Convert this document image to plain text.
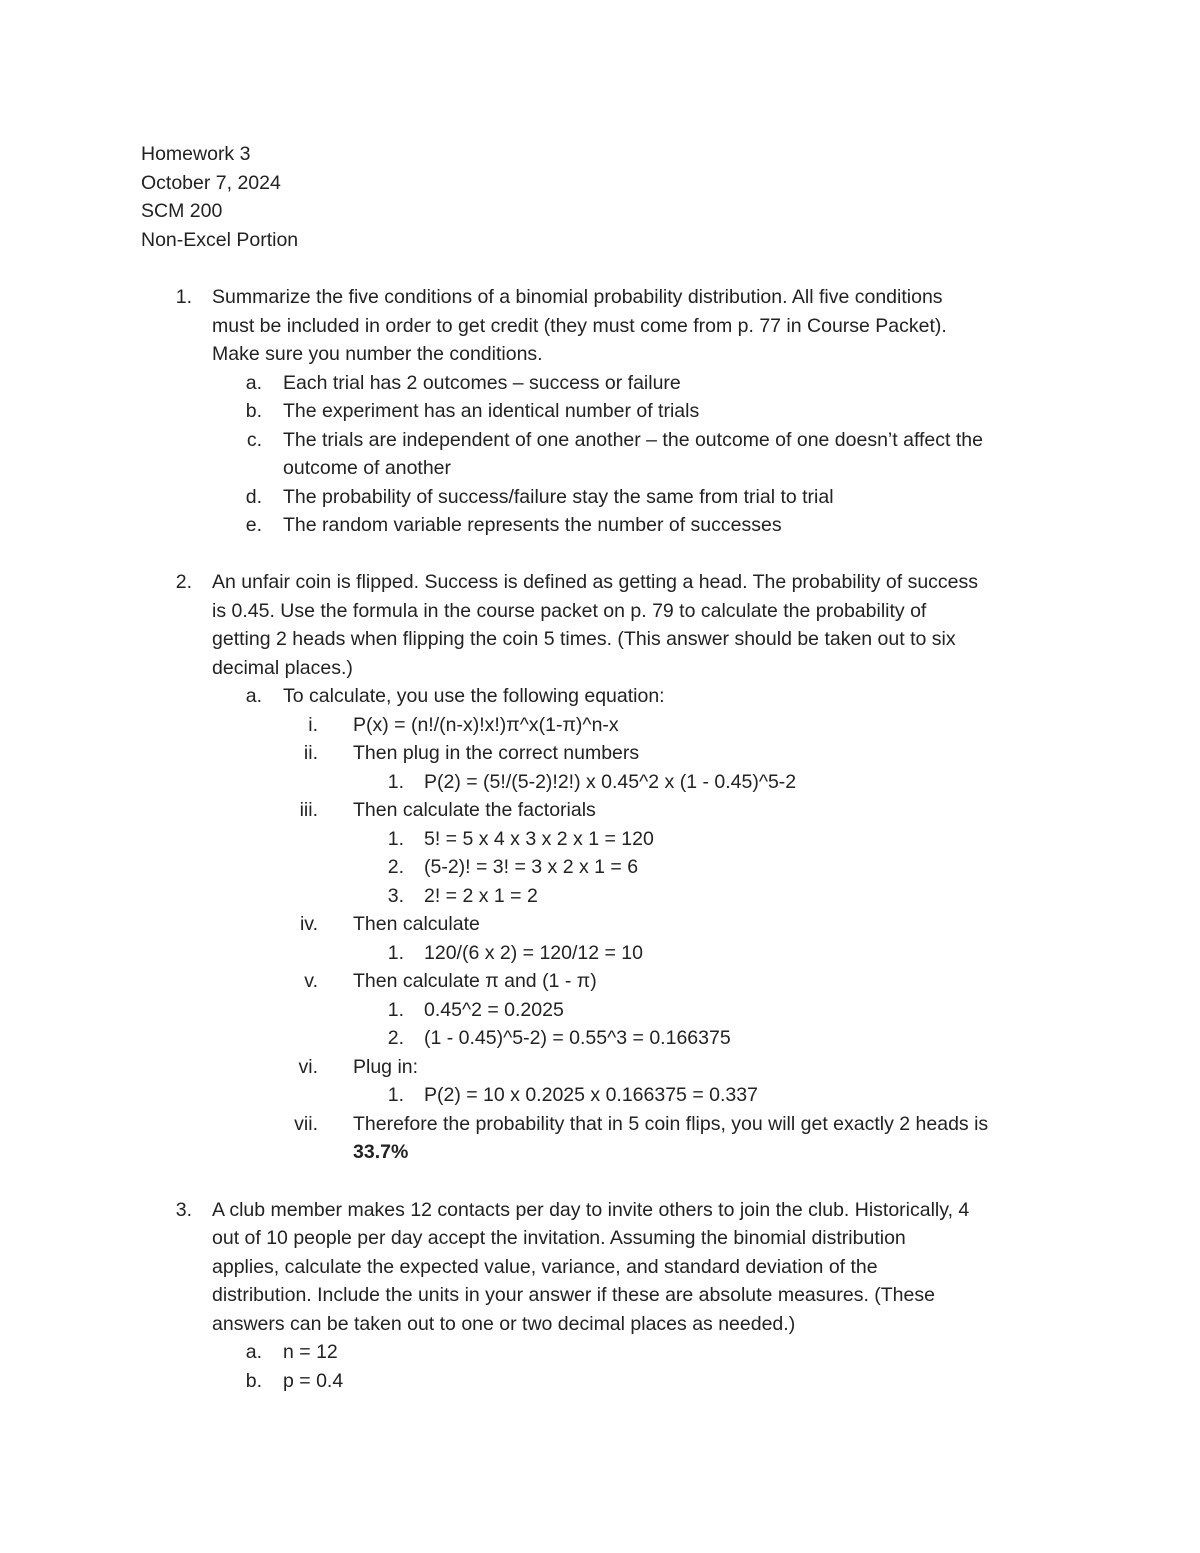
Homework 3
October 7, 2024
SCM 200
Non-Excel Portion
1. Summarize the five conditions of a binomial probability distribution. All five conditions
must be included in order to get credit (they must come from p. 77 in Course Packet).
Make sure you number the conditions.
a. Each trial has 2 outcomes – success or failure
b. The experiment has an identical number of trials
c. The trials are independent of one another – the outcome of one doesn’t affect the
outcome of another
d. The probability of success/failure stay the same from trial to trial
e. The random variable represents the number of successes
2. An unfair coin is flipped. Success is defined as getting a head. The probability of success
is 0.45. Use the formula in the course packet on p. 79 to calculate the probability of
getting 2 heads when flipping the coin 5 times. (This answer should be taken out to six
decimal places.)
a. To calculate, you use the following equation:
i. P(x) = (n!/(n-x)!x!)π^x(1-π)^n-x
ii. Then plug in the correct numbers
1. P(2) = (5!/(5-2)!2!) x 0.45^2 x (1 - 0.45)^5-2
iii. Then calculate the factorials
1. 5! = 5 x 4 x 3 x 2 x 1 = 120
2. (5-2)! = 3! = 3 x 2 x 1 = 6
3. 2! = 2 x 1 = 2
iv. Then calculate
1. 120/(6 x 2) = 120/12 = 10
v. Then calculate π and (1 - π)
1. 0.45^2 = 0.2025
2. (1 - 0.45)^5-2) = 0.55^3 = 0.166375
vi. Plug in:
1. P(2) = 10 x 0.2025 x 0.166375 = 0.337
vii. Therefore the probability that in 5 coin flips, you will get exactly 2 heads is
33.7%
3. A club member makes 12 contacts per day to invite others to join the club. Historically, 4
out of 10 people per day accept the invitation. Assuming the binomial distribution
applies, calculate the expected value, variance, and standard deviation of the
distribution. Include the units in your answer if these are absolute measures. (These
answers can be taken out to one or two decimal places as needed.)
a. n = 12
b. p = 0.4
